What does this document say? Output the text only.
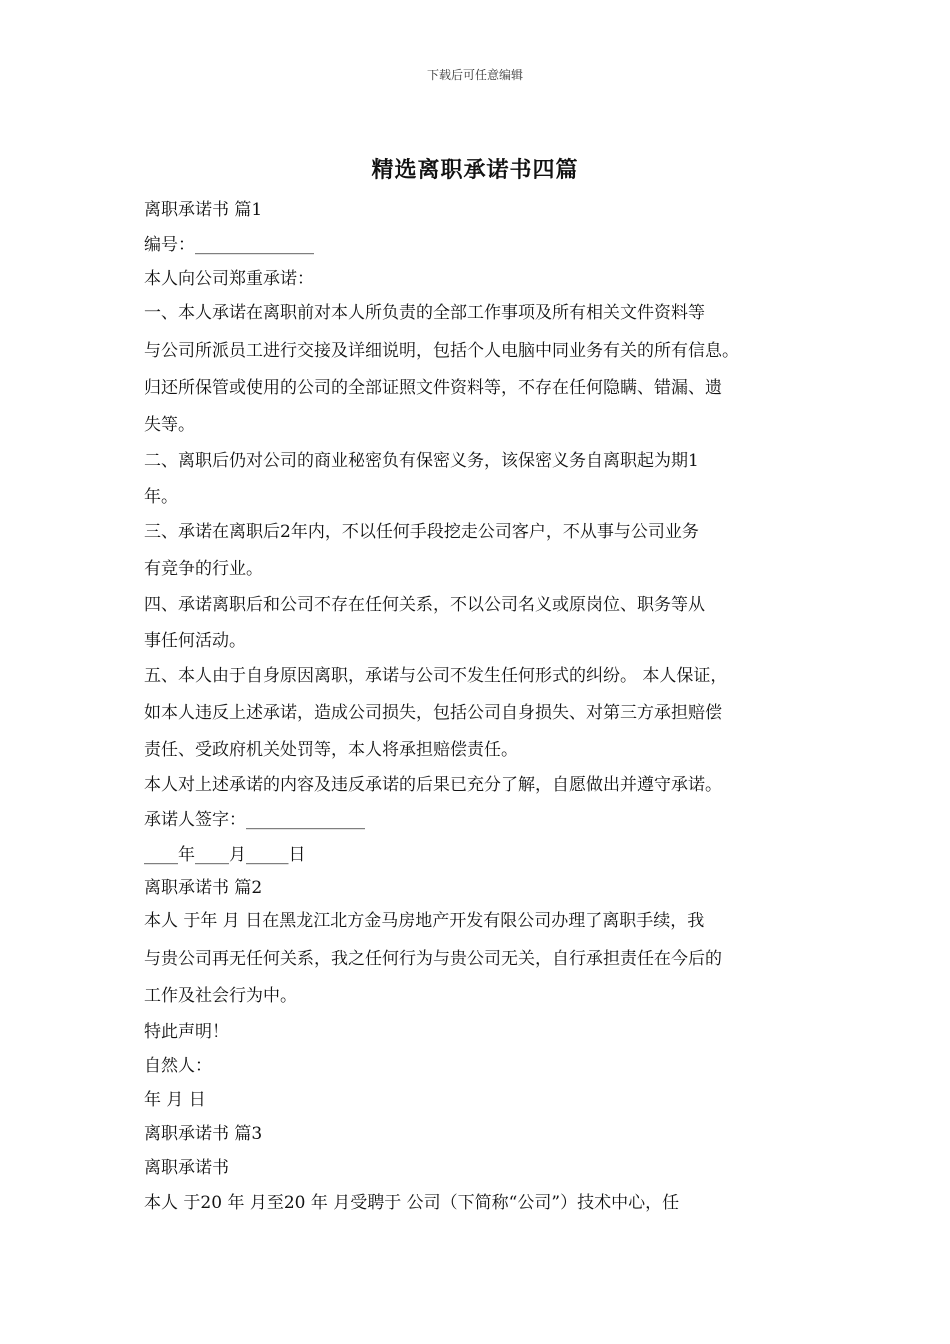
下载后可任意编辑
精选离职承诺书四篇
离职承诺书 篇1
编号：______________
本人向公司郑重承诺：
一、本人承诺在离职前对本人所负责的全部工作事项及所有相关文件资料等
与公司所派员工进行交接及详细说明，包括个人电脑中同业务有关的所有信息。
归还所保管或使用的公司的全部证照文件资料等，不存在任何隐瞒、错漏、遗
失等。
二、离职后仍对公司的商业秘密负有保密义务，该保密义务自离职起为期1
年。
三、承诺在离职后2年内，不以任何手段挖走公司客户，不从事与公司业务
有竞争的行业。
四、承诺离职后和公司不存在任何关系，不以公司名义或原岗位、职务等从
事任何活动。
五、本人由于自身原因离职，承诺与公司不发生任何形式的纠纷。 本人保证，
如本人违反上述承诺，造成公司损失，包括公司自身损失、对第三方承担赔偿
责任、受政府机关处罚等，本人将承担赔偿责任。
本人对上述承诺的内容及违反承诺的后果已充分了解，自愿做出并遵守承诺。
承诺人签字：______________
____年____月_____日
离职承诺书 篇2
本人 于年 月 日在黑龙江北方金马房地产开发有限公司办理了离职手续，我
与贵公司再无任何关系，我之任何行为与贵公司无关，自行承担责任在今后的
工作及社会行为中。
特此声明！
自然人：
年 月 日
离职承诺书 篇3
离职承诺书
本人 于20 年 月至20 年 月受聘于 公司（下简称“公司”）技术中心，任
